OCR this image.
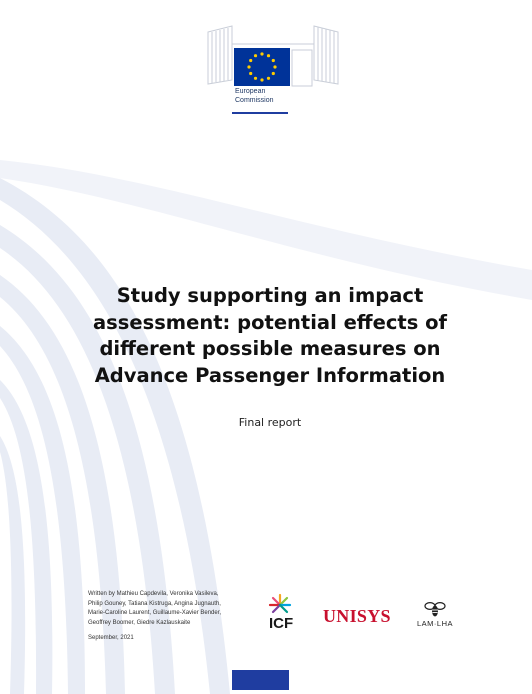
European
Commission
Study supporting an impact assessment: potential effects of different possible measures on Advance Passenger Information
Final report
Written by Mathieu Capdevila, Veronika Vasileva,
Philip Gouney, Tatiana Kistruga, Angina Jugnauth,
Marie-Caroline Laurent, Guillaume-Xavier Bender,
Geoffrey Boomer, Giedre Kazlauskaite
September, 2021
ICF UNISYS	LAM·LHA
